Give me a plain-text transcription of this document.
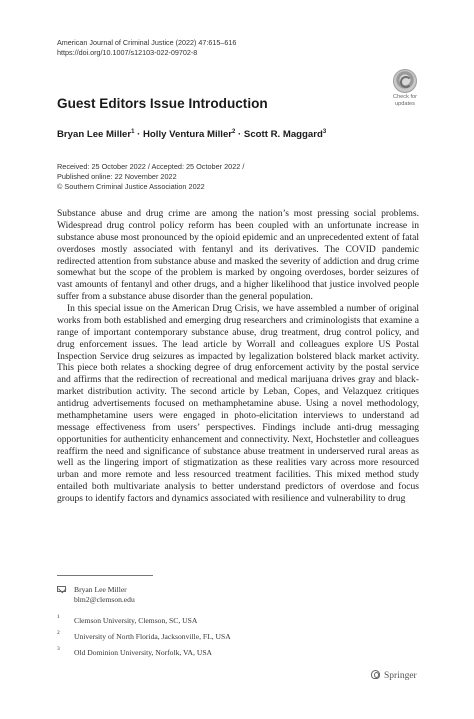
American Journal of Criminal Justice (2022) 47:615–616
https://doi.org/10.1007/s12103-022-09702-8
Check for
updates
Guest Editors Issue Introduction
Bryan Lee Miller$^1$ · Holly Ventura Miller$^2$ · Scott R. Maggard$^3$
Received: 25 October 2022 / Accepted: 25 October 2022 /
Published online: 22 November 2022
© Southern Criminal Justice Association 2022

Substance abuse and drug crime are among the nation’s most pressing social problems. Widespread drug control policy reform has been coupled with an unfortunate increase in substance abuse most pronounced by the opioid epidemic and an unprecedented extent of fatal overdoses mostly associated with fentanyl and its derivatives. The COVID pandemic redirected attention from substance abuse and masked the severity of addiction and drug crime somewhat but the scope of the problem is marked by ongoing overdoses, border seizures of vast amounts of fentanyl and other drugs, and a higher likelihood that justice involved people suffer from a substance abuse disorder than the general population.

In this special issue on the American Drug Crisis, we have assembled a number of original works from both established and emerging drug researchers and criminologists that examine a range of important contemporary substance abuse, drug treatment, drug control policy, and drug enforcement issues. The lead article by Worrall and colleagues explore US Postal Inspection Service drug seizures as impacted by legalization bolstered black market activity. This piece both relates a shocking degree of drug enforcement activity by the postal service and affirms that the redirection of recreational and medical marijuana drives gray and black-market distribution activity. The second article by Leban, Copes, and Velazquez critiques antidrug advertisements focused on methamphetamine abuse. Using a novel methodology, methamphetamine users were engaged in photo-elicitation interviews to understand ad message effectiveness from users’ perspectives. Findings include anti-drug messaging opportunities for authenticity enhancement and connectivity. Next, Hochstetler and colleagues reaffirm the need and significance of substance abuse treatment in underserved rural areas as well as the lingering import of stigmatization as these realities vary across more resourced urban and more remote and less resourced treatment facilities. This mixed method study entailed both multivariate analysis to better understand predictors of overdose and focus groups to identify factors and dynamics associated with resilience and vulnerability to drug

Bryan Lee Miller
blm2@clemson.edu
1 Clemson University, Clemson, SC, USA
2 University of North Florida, Jacksonville, FL, USA
3 Old Dominion University, Norfolk, VA, USA
Springer
